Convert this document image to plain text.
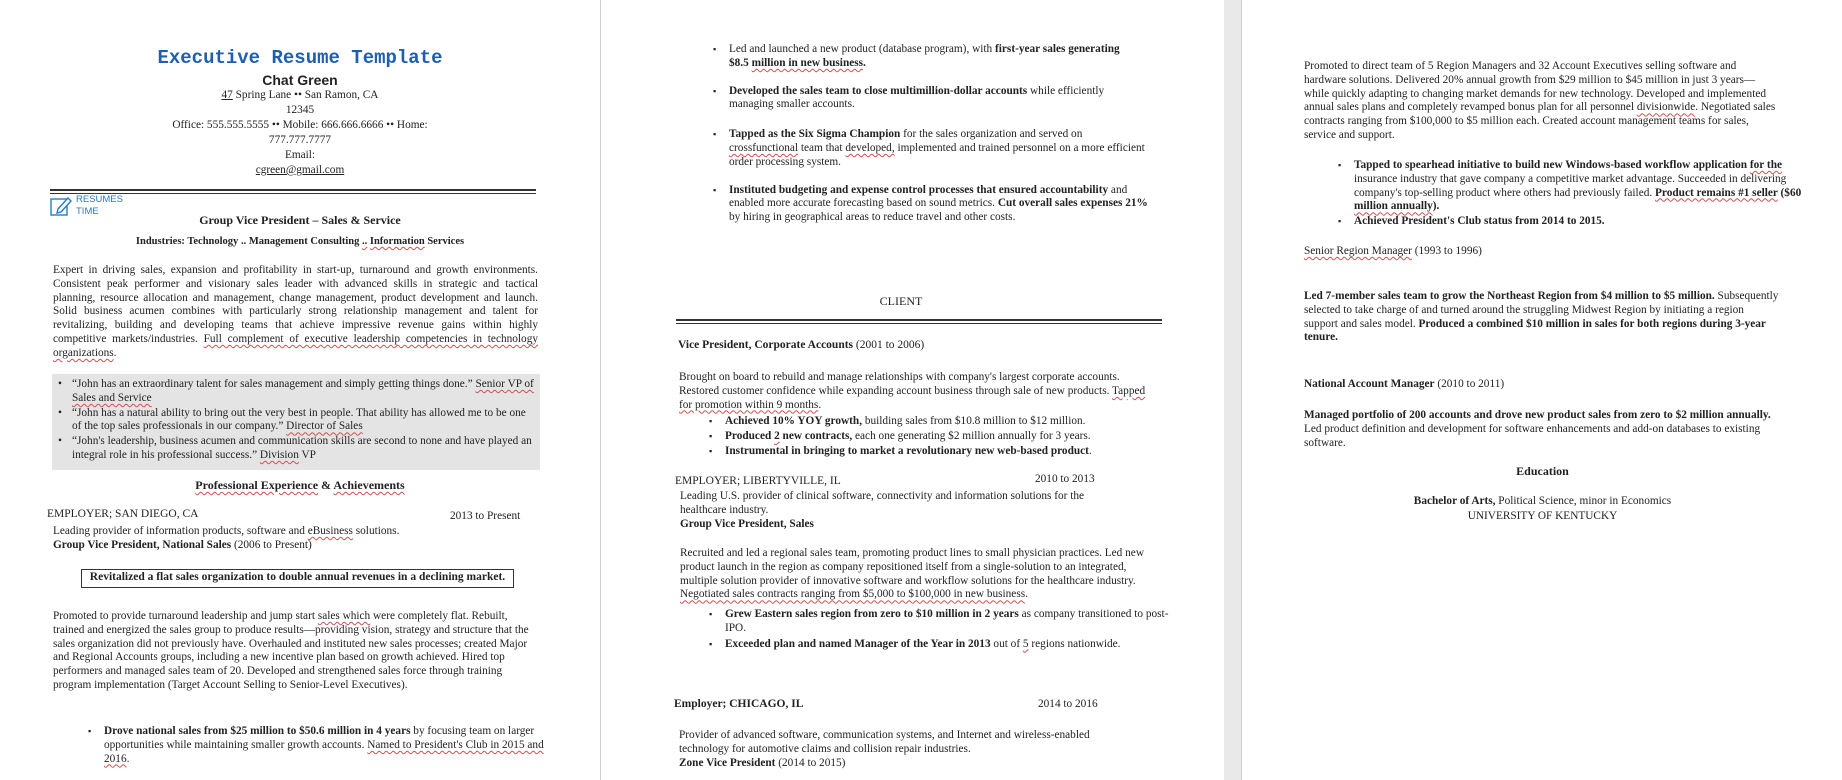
Executive Resume Template
Chat Green
47 Spring Lane •• San Ramon, CA
12345
Office: 555.555.5555 •• Mobile: 666.666.6666 •• Home:
777.777.7777
Email:
cgreen@gmail.com
RESUMES
TIME
Group Vice President – Sales & Service
Industries: Technology .. Management Consulting .. Information Services

Expert in driving sales, expansion and profitability in start-up, turnaround and growth environments. Consistent peak performer and visionary sales leader with advanced skills in strategic and tactical planning, resource allocation and management, change management, product development and launch. Solid business acumen combines with particularly strong relationship management and talent for revitalizing, building and developing teams that achieve impressive revenue gains within highly competitive markets/industries. Full complement of executive leadership competencies in technology organizations.

• “John has an extraordinary talent for sales management and simply getting things done.” Senior VP of Sales and Service
• “John has a natural ability to bring out the very best in people. That ability has allowed me to be one of the top sales professionals in our company.” Director of Sales
• “John's leadership, business acumen and communication skills are second to none and have played an integral role in his professional success.” Division VP
Professional Experience & Achievements
EMPLOYER; SAN DIEGO, CA	2013 to Present
Leading provider of information products, software and eBusiness solutions.
Group Vice President, National Sales (2006 to Present)
Revitalized a flat sales organization to double annual revenues in a declining market.

Promoted to provide turnaround leadership and jump start sales which were completely flat. Rebuilt, trained and energized the sales group to produce results—providing vision, strategy and structure that the sales organization did not previously have. Overhauled and instituted new sales processes; created Major and Regional Accounts groups, including a new incentive plan based on growth achieved. Hired top performers and managed sales team of 20. Developed and strengthened sales force through training program implementation (Target Account Selling to Senior-Level Executives).

▪ Drove national sales from $25 million to $50.6 million in 4 years by focusing team on larger opportunities while maintaining smaller growth accounts. Named to President's Club in 2015 and 2016.
▪ Led and launched a new product (database program), with first-year sales generating
$8.5 million in new business.
▪ Developed the sales team to close multimillion-dollar accounts while efficiently managing smaller accounts.
▪ Tapped as the Six Sigma Champion for the sales organization and served on crossfunctional team that developed, implemented and trained personnel on a more efficient order processing system.
▪ Instituted budgeting and expense control processes that ensured accountability and enabled more accurate forecasting based on sound metrics. Cut overall sales expenses 21% by hiring in geographical areas to reduce travel and other costs.
CLIENT
Vice President, Corporate Accounts (2001 to 2006)

Brought on board to rebuild and manage relationships with company's largest corporate accounts. Restored customer confidence while expanding account business through sale of new products. Tapped for promotion within 9 months.

▪ Achieved 10% YOY growth, building sales from $10.8 million to $12 million.
▪ Produced 2 new contracts, each one generating $2 million annually for 3 years.
▪ Instrumental in bringing to market a revolutionary new web-based product.
EMPLOYER; LIBERTYVILLE, IL	2010 to 2013

Leading U.S. provider of clinical software, connectivity and information solutions for the healthcare industry.

Group Vice President, Sales

Recruited and led a regional sales team, promoting product lines to small physician practices. Led new product launch in the region as company repositioned itself from a single-solution to an integrated, multiple solution provider of innovative software and workflow solutions for the healthcare industry. Negotiated sales contracts ranging from $5,000 to $100,000 in new business.

▪ Grew Eastern sales region from zero to $10 million in 2 years as company transitioned to post-IPO.
▪ Exceeded plan and named Manager of the Year in 2013 out of 5 regions nationwide.
Employer; CHICAGO, IL	2014 to 2016

Provider of advanced software, communication systems, and Internet and wireless-enabled technology for automotive claims and collision repair industries.

Zone Vice President (2014 to 2015)

Promoted to direct team of 5 Region Managers and 32 Account Executives selling software and hardware solutions. Delivered 20% annual growth from $29 million to $45 million in just 3 years—while quickly adapting to changing market demands for new technology. Developed and implemented annual sales plans and completely revamped bonus plan for all personnel divisionwide. Negotiated sales contracts ranging from $100,000 to $5 million each. Created account management teams for sales, service and support.

▪ Tapped to spearhead initiative to build new Windows-based workflow application for the insurance industry that gave company a competitive market advantage. Succeeded in delivering company's top-selling product where others had previously failed. Product remains #1 seller ($60 million annually).
▪ Achieved President's Club status from 2014 to 2015.
Senior Region Manager (1993 to 1996)

Led 7-member sales team to grow the Northeast Region from $4 million to $5 million. Subsequently selected to take charge of and turned around the struggling Midwest Region by initiating a region support and sales model. Produced a combined $10 million in sales for both regions during 3-year tenure.

National Account Manager (2010 to 2011)

Managed portfolio of 200 accounts and drove new product sales from zero to $2 million annually. Led product definition and development for software enhancements and add-on databases to existing software.

Education
Bachelor of Arts, Political Science, minor in Economics
UNIVERSITY OF KENTUCKY
